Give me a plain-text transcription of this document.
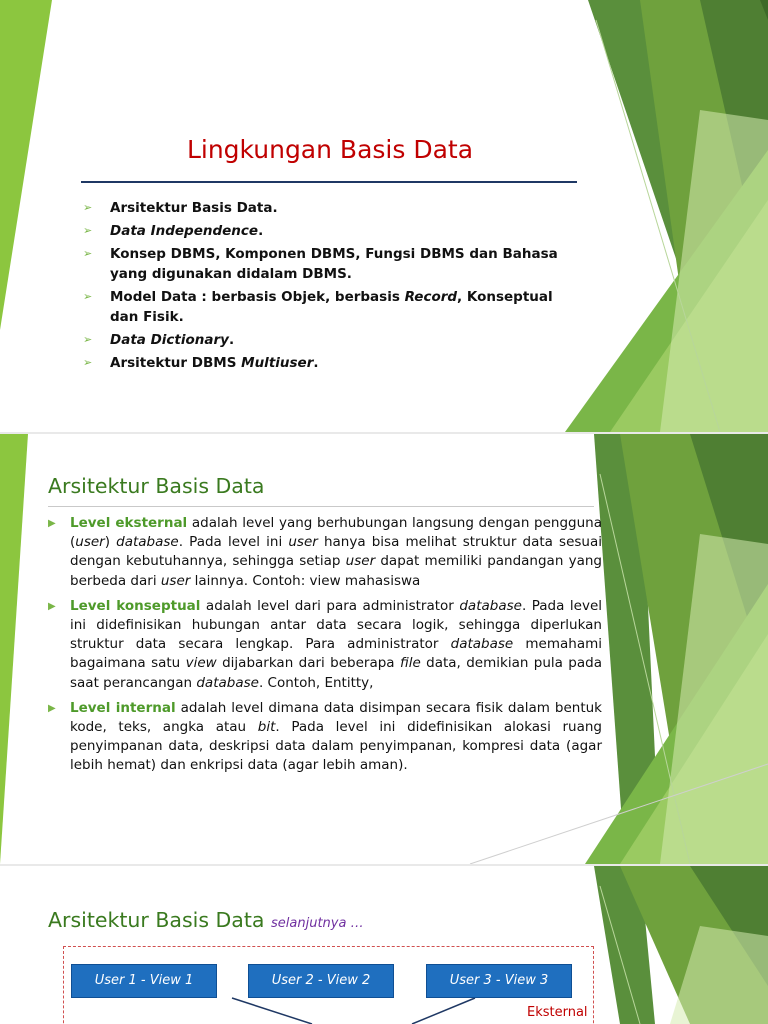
Lingkungan Basis Data
➢ Arsitektur Basis Data.
➢ Data Independence.
➢ Konsep DBMS, Komponen DBMS, Fungsi DBMS dan Bahasa yang digunakan didalam DBMS.
➢ Model Data : berbasis Objek, berbasis Record, Konseptual dan Fisik.
➢ Data Dictionary.
➢ Arsitektur DBMS Multiuser.
Arsitektur Basis Data
▶ Level eksternal adalah level yang berhubungan langsung dengan pengguna (user) database. Pada level ini user hanya bisa melihat struktur data sesuai dengan kebutuhannya, sehingga setiap user dapat memiliki pandangan yang berbeda dari user lainnya. Contoh: view mahasiswa
▶ Level konseptual adalah level dari para administrator database. Pada level ini didefinisikan hubungan antar data secara logik, sehingga diperlukan struktur data secara lengkap. Para administrator database memahami bagaimana satu view dijabarkan dari beberapa file data, demikian pula pada saat perancangan database. Contoh, Entitty,
▶ Level internal adalah level dimana data disimpan secara fisik dalam bentuk kode, teks, angka atau bit. Pada level ini didefinisikan alokasi ruang penyimpanan data, deskripsi data dalam penyimpanan, kompresi data (agar lebih hemat) dan enkripsi data (agar lebih aman).
Arsitektur Basis Data selanjutnya …
User 1 - View 1	User 2 - View 2	User 3 - View 3
Eksternal
